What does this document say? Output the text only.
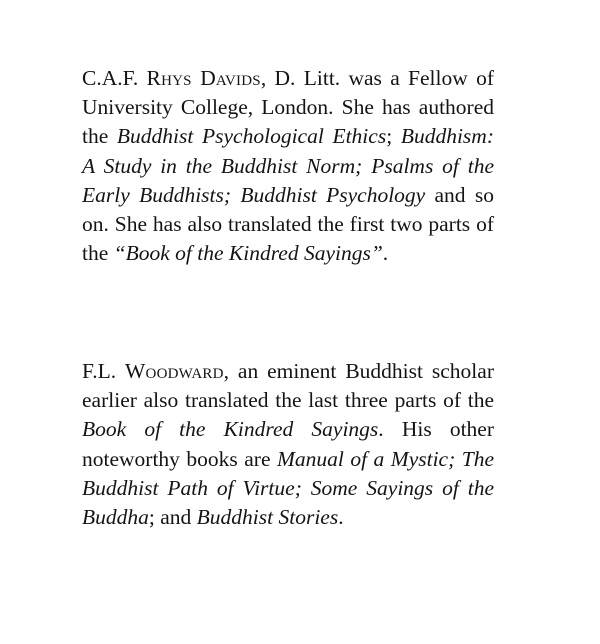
C.A.F. Rhys Davids, D. Litt. was a Fellow of University College, London. She has authored the Buddhist Psychological Ethics; Buddhism: A Study in the Buddhist Norm; Psalms of the Early Buddhists; Buddhist Psychology and so on. She has also translated the first two parts of the “Book of the Kindred Sayings”.

F.L. Woodward, an eminent Buddhist scholar earlier also translated the last three parts of the Book of the Kindred Sayings. His other noteworthy books are Manual of a Mystic; The Buddhist Path of Virtue; Some Sayings of the Buddha; and Buddhist Stories.
